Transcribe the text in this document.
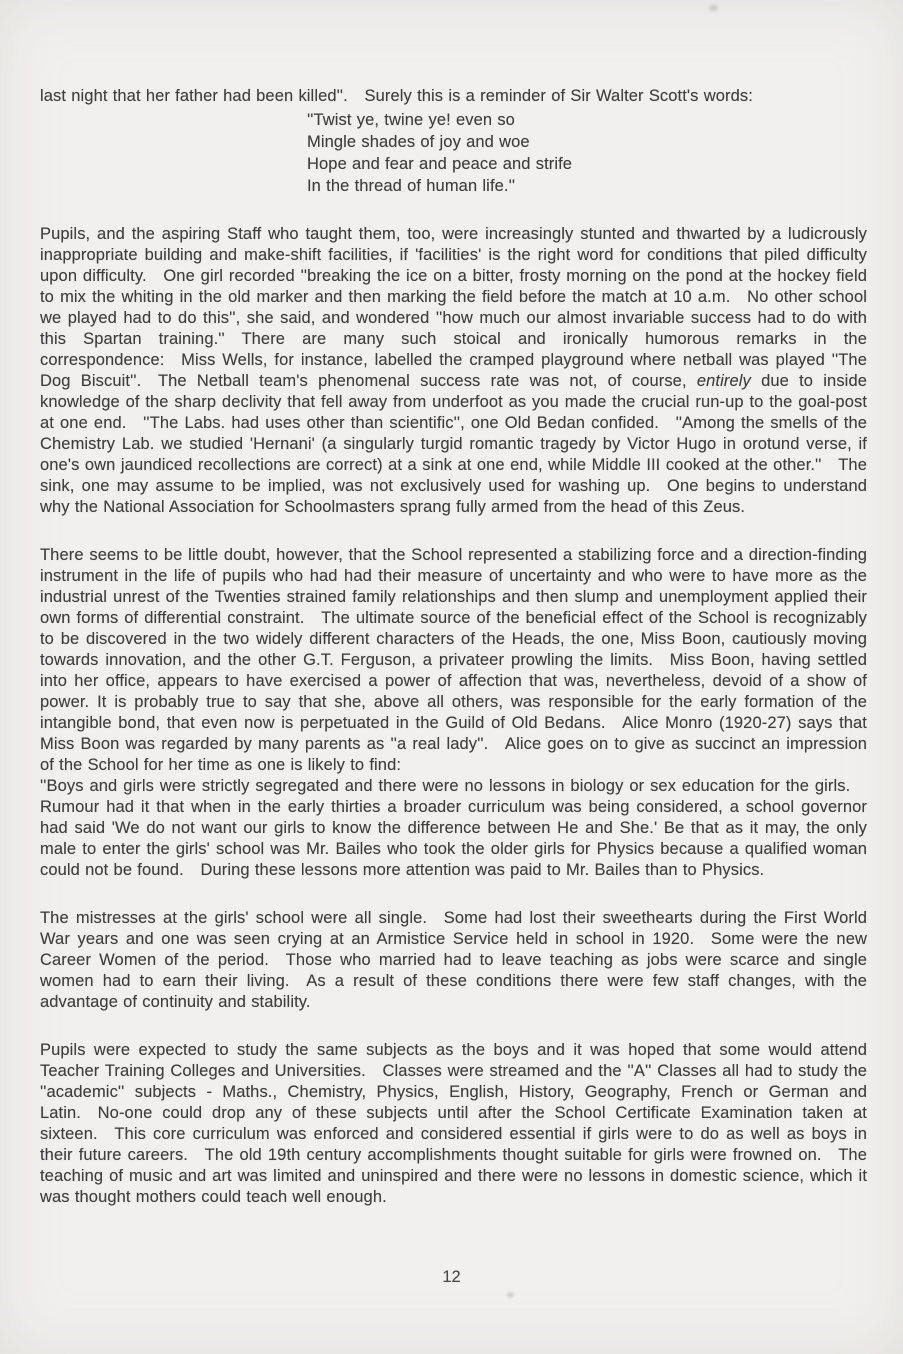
last night that her father had been killed''.  Surely this is a reminder of Sir Walter Scott's words:
''Twist ye, twine ye! even so
Mingle shades of joy and woe
Hope and fear and peace and strife
In the thread of human life.''
Pupils, and the aspiring Staff who taught them, too, were increasingly stunted and thwarted by a ludicrously inappropriate building and make-shift facilities, if 'facilities' is the right word for conditions that piled difficulty upon difficulty.  One girl recorded ''breaking the ice on a bitter, frosty morning on the pond at the hockey field to mix the whiting in the old marker and then marking the field before the match at 10 a.m.  No other school we played had to do this'', she said, and wondered ''how much our almost invariable success had to do with this Spartan training.''  There are many such stoical and ironically humorous remarks in the correspondence:  Miss Wells, for instance, labelled the cramped playground where netball was played ''The Dog Biscuit''.  The Netball team's phenomenal success rate was not, of course, entirely due to inside knowledge of the sharp declivity that fell away from underfoot as you made the crucial run-up to the goal-post at one end.  ''The Labs. had uses other than scientific'', one Old Bedan confided.  ''Among the smells of the Chemistry Lab. we studied 'Hernani' (a singularly turgid romantic tragedy by Victor Hugo in orotund verse, if one's own jaundiced recollections are correct) at a sink at one end, while Middle III cooked at the other.''  The sink, one may assume to be implied, was not exclusively used for washing up.  One begins to understand why the National Association for Schoolmasters sprang fully armed from the head of this Zeus.
There seems to be little doubt, however, that the School represented a stabilizing force and a direction-finding instrument in the life of pupils who had had their measure of uncertainty and who were to have more as the industrial unrest of the Twenties strained family relationships and then slump and unemployment applied their own forms of differential constraint.  The ultimate source of the beneficial effect of the School is recognizably to be discovered in the two widely different characters of the Heads, the one, Miss Boon, cautiously moving towards innovation, and the other G.T. Ferguson, a privateer prowling the limits.  Miss Boon, having settled into her office, appears to have exercised a power of affection that was, nevertheless, devoid of a show of power. It is probably true to say that she, above all others, was responsible for the early formation of the intangible bond, that even now is perpetuated in the Guild of Old Bedans.  Alice Monro (1920-27) says that Miss Boon was regarded by many parents as ''a real lady''.  Alice goes on to give as succinct an impression of the School for her time as one is likely to find:
''Boys and girls were strictly segregated and there were no lessons in biology or sex education for the girls.  Rumour had it that when in the early thirties a broader curriculum was being considered, a school governor had said 'We do not want our girls to know the difference between He and She.' Be that as it may, the only male to enter the girls' school was Mr. Bailes who took the older girls for Physics because a qualified woman could not be found.  During these lessons more attention was paid to Mr. Bailes than to Physics.
The mistresses at the girls' school were all single.  Some had lost their sweethearts during the First World War years and one was seen crying at an Armistice Service held in school in 1920.  Some were the new Career Women of the period.  Those who married had to leave teaching as jobs were scarce and single women had to earn their living.  As a result of these conditions there were few staff changes, with the advantage of continuity and stability.
Pupils were expected to study the same subjects as the boys and it was hoped that some would attend Teacher Training Colleges and Universities.  Classes were streamed and the ''A'' Classes all had to study the ''academic'' subjects - Maths., Chemistry, Physics, English, History, Geography, French or German and Latin.  No-one could drop any of these subjects until after the School Certificate Examination taken at sixteen.  This core curriculum was enforced and considered essential if girls were to do as well as boys in their future careers.  The old 19th century accomplishments thought suitable for girls were frowned on.  The teaching of music and art was limited and uninspired and there were no lessons in domestic science, which it was thought mothers could teach well enough.
12
